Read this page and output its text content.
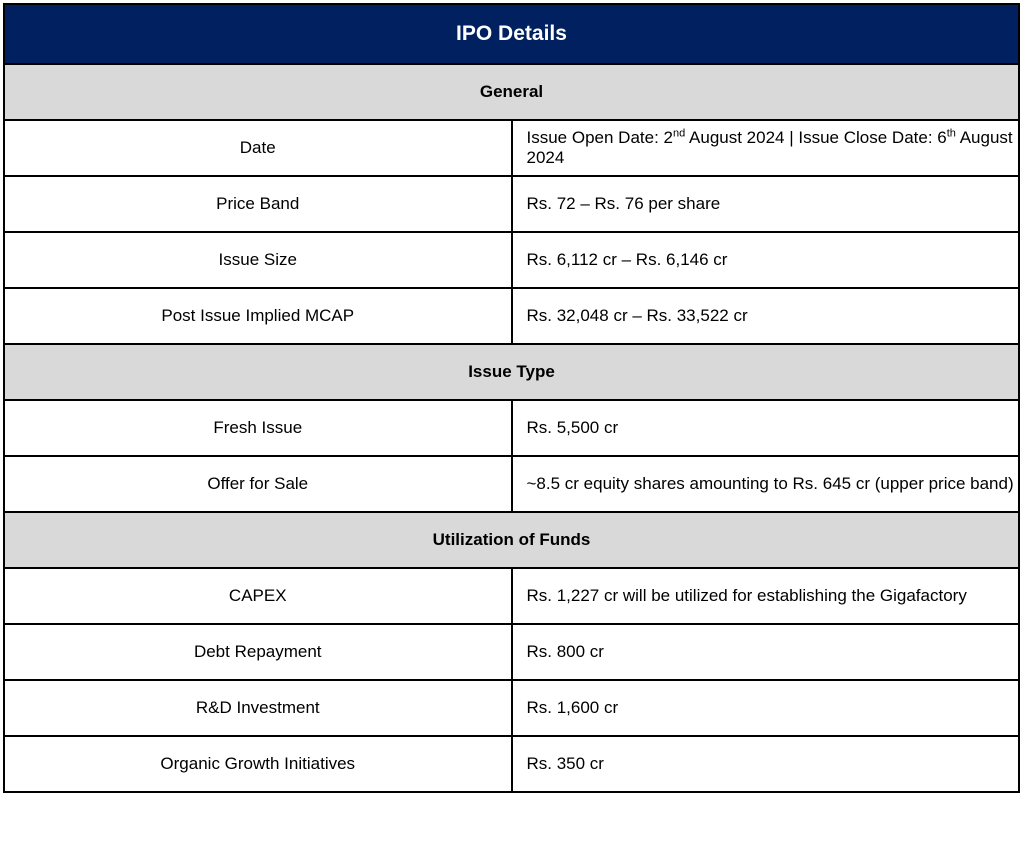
IPO Details	
General	
Date	Issue Open Date: 2nd August 2024 | Issue Close Date: 6th August 2024
Price Band	Rs. 72 – Rs. 76 per share
Issue Size	Rs. 6,112 cr – Rs. 6,146 cr
Post Issue Implied MCAP	Rs. 32,048 cr – Rs. 33,522 cr
Issue Type	
Fresh Issue	Rs. 5,500 cr
Offer for Sale	~8.5 cr equity shares amounting to Rs. 645 cr (upper price band)
Utilization of Funds	
CAPEX	Rs. 1,227 cr will be utilized for establishing the Gigafactory
Debt Repayment	Rs. 800 cr
R&D Investment	Rs. 1,600 cr
Organic Growth Initiatives	Rs. 350 cr
